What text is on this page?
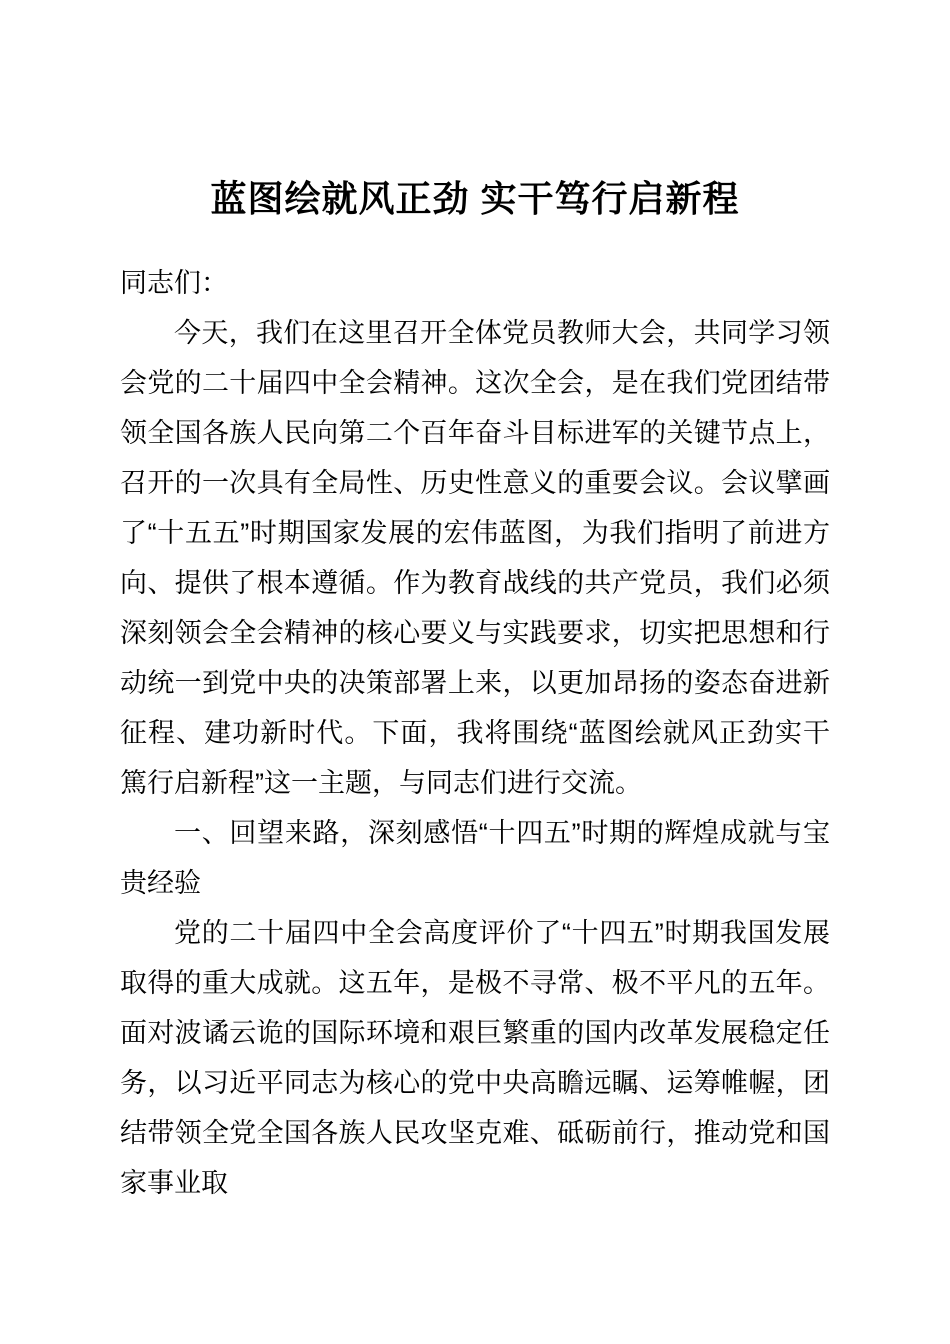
蓝图绘就风正劲 实干笃行启新程

同志们：

今天，我们在这里召开全体党员教师大会，共同学习领会党的二十届四中全会精神。这次全会，是在我们党团结带领全国各族人民向第二个百年奋斗目标进军的关键节点上，召开的一次具有全局性、历史性意义的重要会议。会议擘画了“十五五”时期国家发展的宏伟蓝图，为我们指明了前进方向、提供了根本遵循。作为教育战线的共产党员，我们必须深刻领会全会精神的核心要义与实践要求，切实把思想和行动统一到党中央的决策部署上来，以更加昂扬的姿态奋进新征程、建功新时代。下面，我将围绕“蓝图绘就风正劲实干篤行启新程”这一主题，与同志们进行交流。

一、回望来路，深刻感悟“十四五”时期的辉煌成就与宝贵经验

党的二十届四中全会高度评价了“十四五”时期我国发展取得的重大成就。这五年，是极不寻常、极不平凡的五年。面对波谲云诡的国际环境和艰巨繁重的国内改革发展稳定任务，以习近平同志为核心的党中央高瞻远瞩、运筹帷幄，团结带领全党全国各族人民攻坚克难、砥砺前行，推动党和国家事业取
